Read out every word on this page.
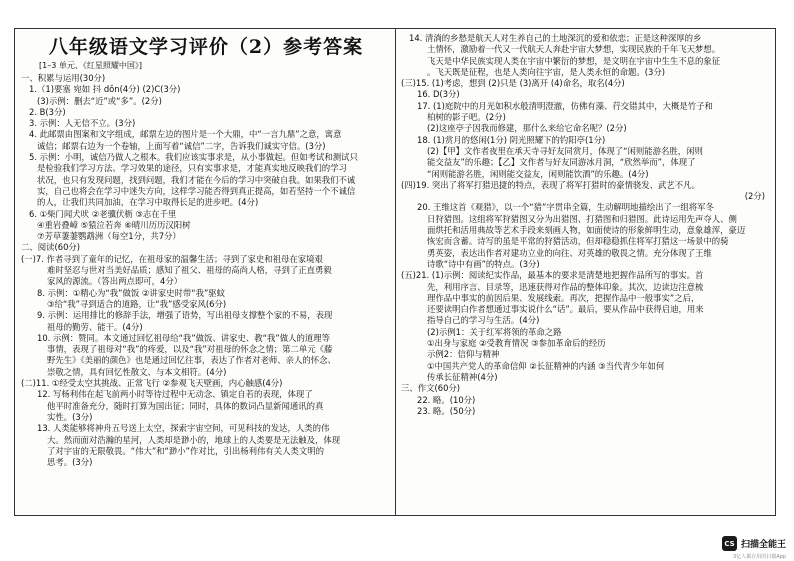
八年级语文学习评价（2）参考答案
[1–3 单元、《红星照耀中国》]
一、积累与运用(30分)
1.（1)要塞 宛如 抖 dǒn(4分) (2)C(3分)
(3)示例：删去“近”或“多”。(2分)
2. B(3分)
3. 示例：人无信不立。(3分)
4. 此邮票由图案和文字组成，邮票左边的图片是一个大鼎，中“一言九鼎”之意，寓意
诚信；邮票右边为一个卷轴，上面写着“诚信”二字，告诉我们诚实守信。(3分)
5. 示例：小明，诚信乃做人之根本。我们应该实事求是，从小事做起。但如考试和测试只
是检验我们学习方法、学习效果的途径，只有实事求是，才能真实地反映我们的学习
状况，也只有发现问题，找到问题，我们才能在今后的学习中突破自我。如果我们不诚
实，自己也将会在学习中迷失方向，这样学习能否得到真正提高，如若坚持一个不诚信
的人，让我们共同加油，在学习中取得长足的进步吧。(4分)
6. ①柴门闻犬吠 ②老骥伏枥 ③志在千里
④重岩叠嶂 ⑤猿泣若奔 ⑥晴川历历汉阳树
⑦芳草萋萋鹦鹉洲（每空1分，共7分）
二、阅读(60分)
(一)7. 作者寻到了童年的记忆，在祖母家的温馨生活；寻到了家史和祖母在家境艰
难时坚忍与世对当美好品质；感知了祖父、祖母的高尚人格，寻到了正直勇毅
家风的源流。（答出两点即可，4分）
8. 示例：①精心为“我”做饭 ②讲家史时带“我”驱蚊
③给“我”寻到适合的道路，让“我”感受家风(6分)
9. 示例：运用排比的修辞手法，增强了语势，写出祖母支撑整个家的不易，表现
祖母的勤劳、能干。(4分)
10. 示例：赞同。本文通过回忆祖母给“我”做饭、讲家史、教“我”做人的道理等
事情，表现了祖母对“我”的疼爱，以及“我”对祖母的怀念之情；第二单元《藤
野先生》《美丽的颜色》也是通过回忆往事，表达了作者对老师、亲人的怀念、
崇敬之情，具有回忆性散文、与本文相符。(4分)
(二)11. ①经受太空其挑战、正常飞行 ②参观飞天壁画，内心触感(4分)
12. 写杨利伟在起飞前两小时等待过程中无动念、镇定自若的表现，体现了
他平时准备充分，随时打算为国出征；同时，具体的数词凸显新闻通讯的真
实性。(3分)
13. 人类能够将神舟五号送上太空，探索宇宙空间，可见科技的发达，人类的伟
大。然而面对浩瀚的星河，人类却是渺小的，地球上的人类要是无法触及，体现
了对宇宙的无限敬畏。“伟大”和“渺小”作对比，引出杨利伟有关人类文明的
思考。(3分)
14. 清淌的乡愁是航天人对生养自己的土地深沉的爱和依恋；正是这种深厚的乡
土情怀，激励着一代又一代航天人奔赴宇宙大梦想，实现民族的千年飞天梦想。
飞天是中华民族实现人类在宇宙中繁衍的梦想，是文明在宇宙中生生不息的象征
。飞天既是征程，也是人类向往宇宙，是人类永恒的命题。(3分)
(三)15. (1)考虑，想到 (2)只是 (3)离开 (4)命名，取名(4分)
16. D(3分)
17. (1)庭院中的月光如积水般清明澄澈，仿佛有藻、荇交错其中，大概是竹子和
柏树的影子吧。(2分)
(2)这座亭子因我而修建，那什么来给它命名呢？(2分)
18. (1)赏月的悠闲(1分) 阴光照耀下的钓阳亭(1分)
(2)【甲】文作者夜里在承天寺寻好友同赏月，体现了“闲则能游名胜，闲则
能交益友”的乐趣；【乙】文作者与好友同游冰月洞，“欣然举而”，体现了
“闲则能游名胜，闲则能交益友，闲则能饮酒”的乐趣。(4分)
(四)19. 突出了将军打猎迅捷的特点，表现了将军打猎时的豪情骁发、武艺不凡。
(2分)
20. 王维这首《观猎》，以一个“猎”字贯串全篇，生动解明地描绘出了一组将军冬
日狩猎图。这组将军狩猎图又分为出猎图、打猎图和归猎图。此诗运用先声夺人、侧
面烘托和活用典故等艺术手段来刻画人物，如面使诗的形象鲜明生动，意象雄浑，豪迈
恢宏而含蓄。诗写的虽是平常的狩猎活动，但却稳稳抓住将军打猎这一场景中的骑
勇英姿，表达出作者对建功立业的向往、对英雄的敬畏之情。充分体现了王维
诗歌“诗中有画”的特点。(3分)
(五)21. (1)示例：阅读纪实作品，最基本的要求是清楚地把握作品所写的事实。首
先，利用序言、目录等，迅速获得对作品的整体印象。其次，边读边注意梳
理作品中事实的前因后果、发展线索。再次，把握作品中一般事实”之后，
还要读明白作者想通过事实说什么“话”。最后，要从作品中获得启迪，用来
指导自己的学习与生活。(4分)
(2)示例1：关于红军将领的革命之路
①出身与家庭 ②受教育情况 ③参加革命后的经历
示例2：信仰与精神
①中国共产党人的革命信仰 ②长征精神的内涵 ③当代青少年如何
传承长征精神(4分)
三、作文(60分)
22. 略。(10分)
23. 略。(50分)
CS 扫描全能王
3亿人都在用的扫描App
